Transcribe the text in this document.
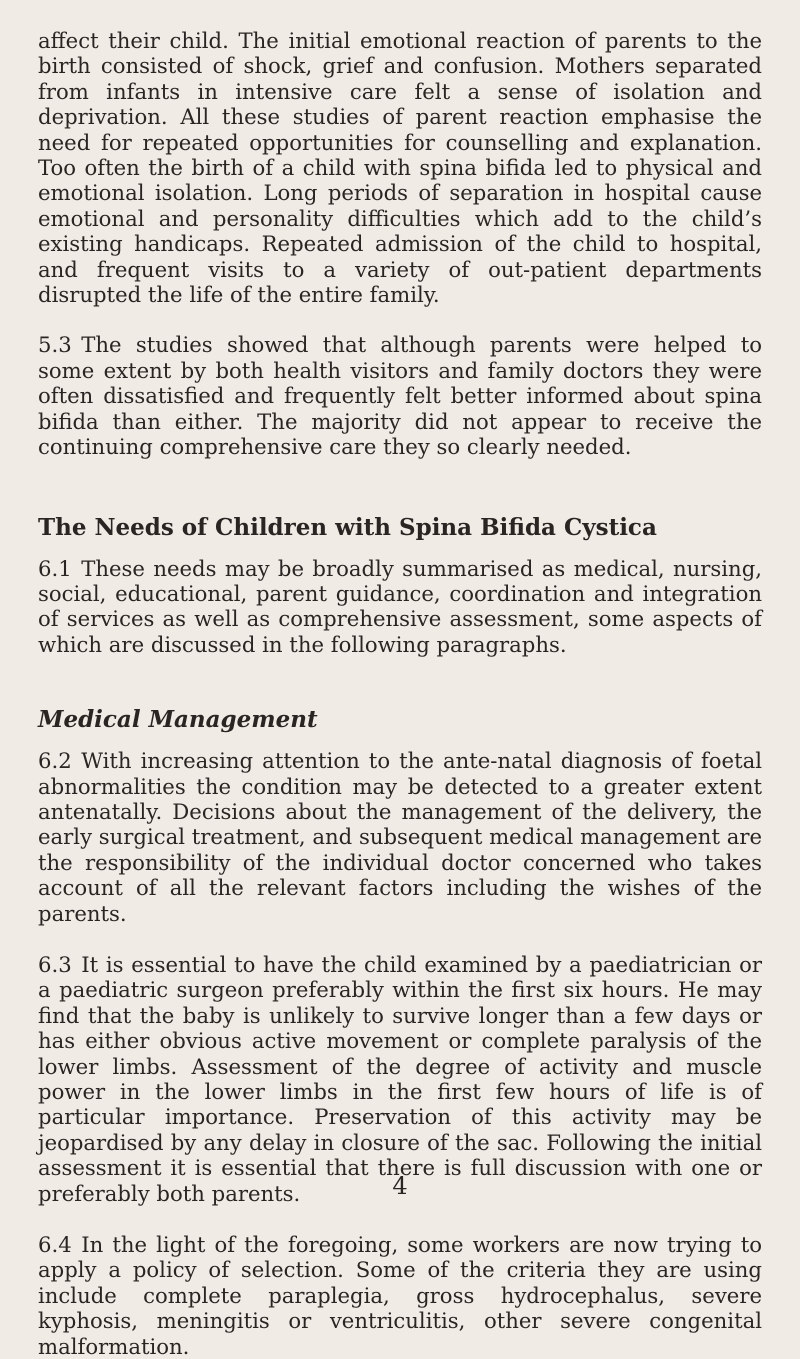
affect their child. The initial emotional reaction of parents to the birth consisted of shock, grief and confusion. Mothers separated from infants in intensive care felt a sense of isolation and deprivation. All these studies of parent reaction emphasise the need for repeated opportunities for counselling and explanation. Too often the birth of a child with spina bifida led to physical and emotional isolation. Long periods of separation in hospital cause emotional and personality difficulties which add to the child’s existing handicaps. Repeated admission of the child to hospital, and frequent visits to a variety of out-patient departments disrupted the life of the entire family.

5.3 The studies showed that although parents were helped to some extent by both health visitors and family doctors they were often dissatisfied and frequently felt better informed about spina bifida than either. The majority did not appear to receive the continuing comprehensive care they so clearly needed.

The Needs of Children with Spina Bifida Cystica

6.1 These needs may be broadly summarised as medical, nursing, social, educational, parent guidance, coordination and integration of services as well as comprehensive assessment, some aspects of which are discussed in the following paragraphs.

Medical Management

6.2 With increasing attention to the ante-natal diagnosis of foetal abnormalities the condition may be detected to a greater extent antenatally. Decisions about the management of the delivery, the early surgical treatment, and subsequent medical management are the responsibility of the individual doctor concerned who takes account of all the relevant factors including the wishes of the parents.

6.3 It is essential to have the child examined by a paediatrician or a paediatric surgeon preferably within the first six hours. He may find that the baby is unlikely to survive longer than a few days or has either obvious active movement or complete paralysis of the lower limbs. Assessment of the degree of activity and muscle power in the lower limbs in the first few hours of life is of particular importance. Preservation of this activity may be jeopardised by any delay in closure of the sac. Following the initial assessment it is essential that there is full discussion with one or preferably both parents.

6.4 In the light of the foregoing, some workers are now trying to apply a policy of selection. Some of the criteria they are using include complete paraplegia, gross hydrocephalus, severe kyphosis, meningitis or ventriculitis, other severe congenital malformation.

4
